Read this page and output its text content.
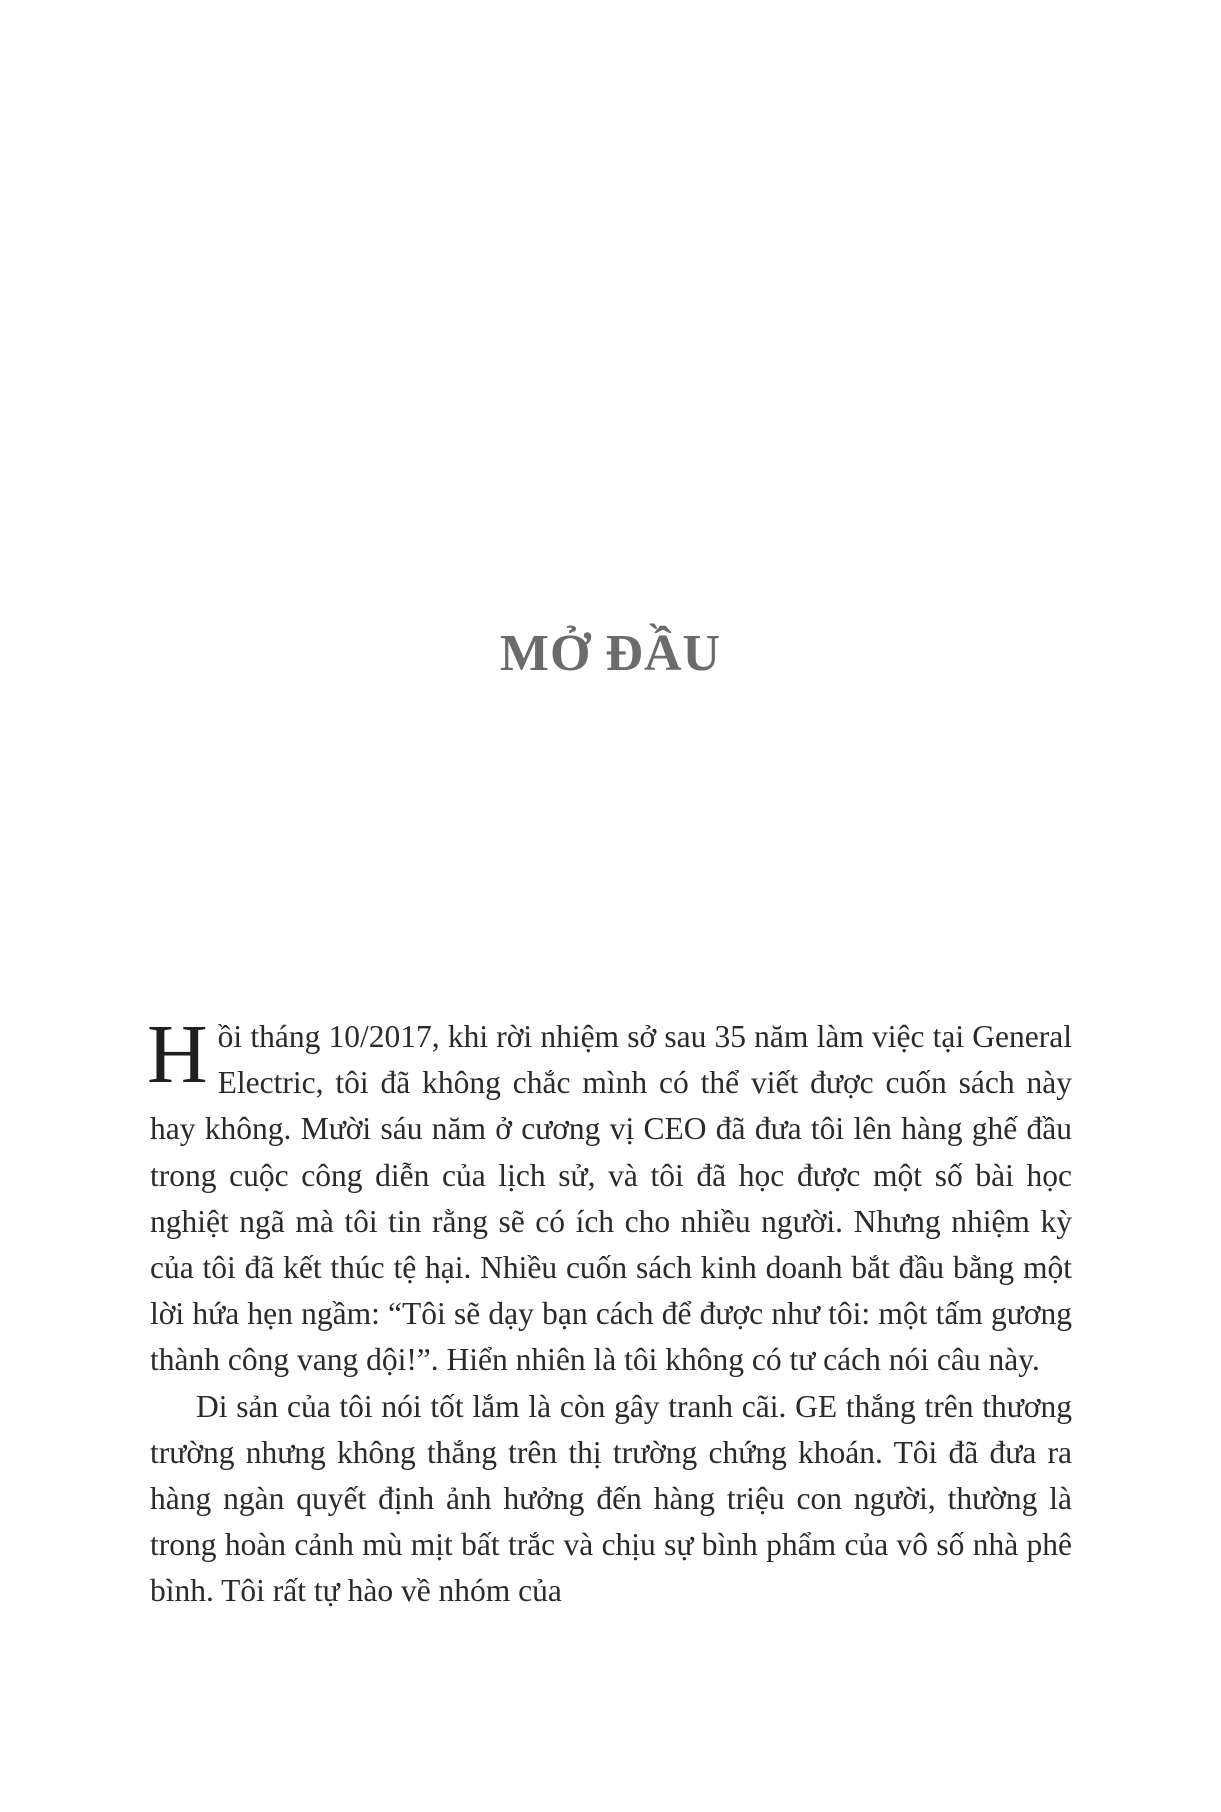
MỞ ĐẦU

Hồi tháng 10/2017, khi rời nhiệm sở sau 35 năm làm việc tại General Electric, tôi đã không chắc mình có thể viết được cuốn sách này hay không. Mười sáu năm ở cương vị CEO đã đưa tôi lên hàng ghế đầu trong cuộc công diễn của lịch sử, và tôi đã học được một số bài học nghiệt ngã mà tôi tin rằng sẽ có ích cho nhiều người. Nhưng nhiệm kỳ của tôi đã kết thúc tệ hại. Nhiều cuốn sách kinh doanh bắt đầu bằng một lời hứa hẹn ngầm: “Tôi sẽ dạy bạn cách để được như tôi: một tấm gương thành công vang dội!”. Hiển nhiên là tôi không có tư cách nói câu này.

Di sản của tôi nói tốt lắm là còn gây tranh cãi. GE thắng trên thương trường nhưng không thắng trên thị trường chứng khoán. Tôi đã đưa ra hàng ngàn quyết định ảnh hưởng đến hàng triệu con người, thường là trong hoàn cảnh mù mịt bất trắc và chịu sự bình phẩm của vô số nhà phê bình. Tôi rất tự hào về nhóm của
